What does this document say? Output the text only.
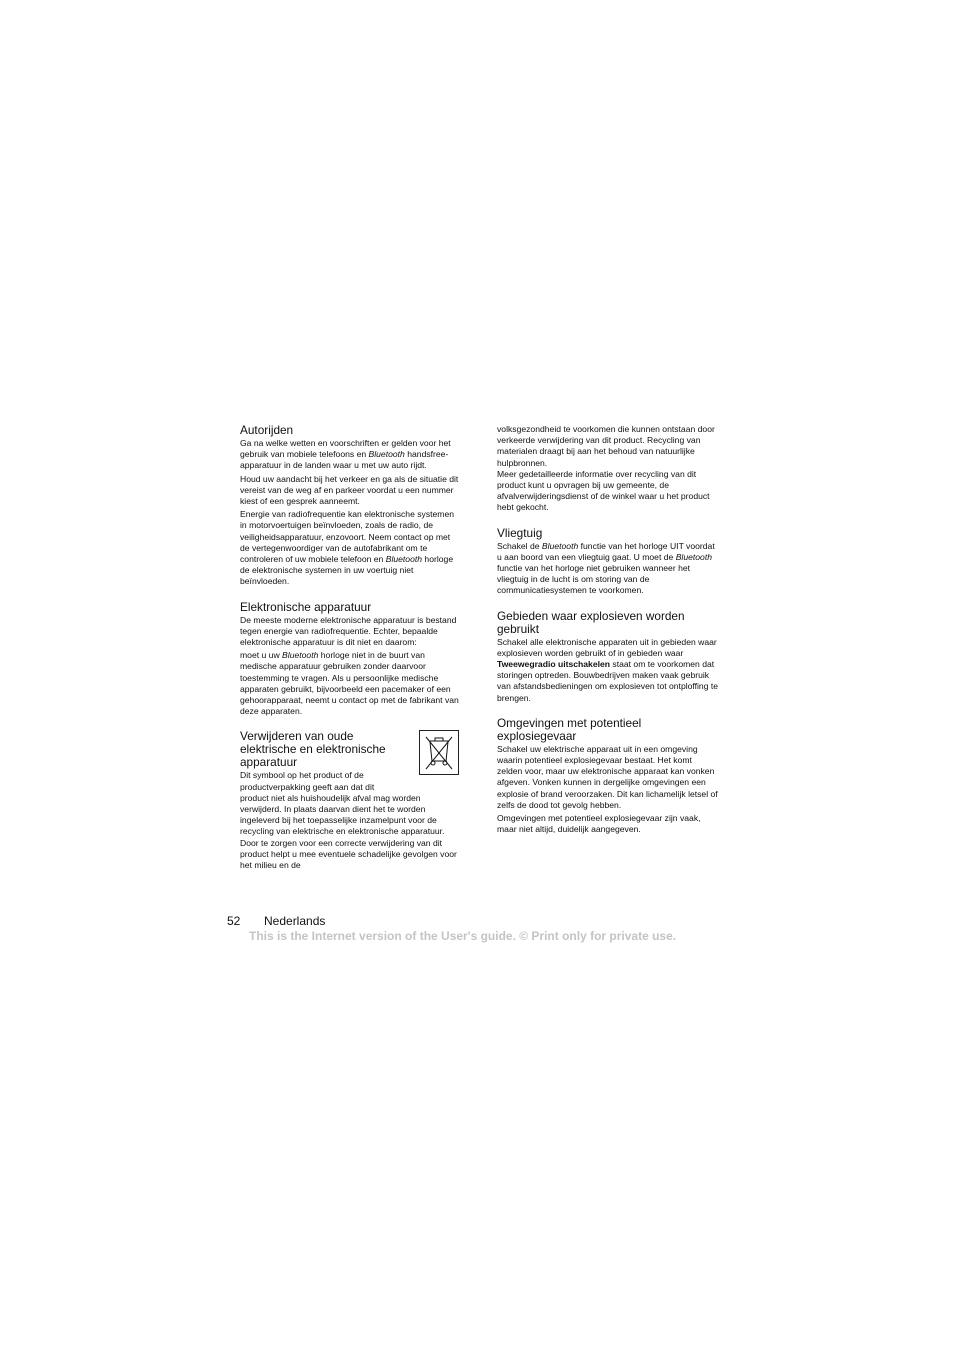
Autorijden

Ga na welke wetten en voorschriften er gelden voor het gebruik van mobiele telefoons en Bluetooth handsfree-apparatuur in de landen waar u met uw auto rijdt.

Houd uw aandacht bij het verkeer en ga als de situatie dit vereist van de weg af en parkeer voordat u een nummer kiest of een gesprek aanneemt.

Energie van radiofrequentie kan elektronische systemen in motorvoertuigen beïnvloeden, zoals de radio, de veiligheidsapparatuur, enzovoort. Neem contact op met de vertegenwoordiger van de autofabrikant om te controleren of uw mobiele telefoon en Bluetooth horloge de elektronische systemen in uw voertuig niet beïnvloeden.

Elektronische apparatuur

De meeste moderne elektronische apparatuur is bestand tegen energie van radiofrequentie. Echter, bepaalde elektronische apparatuur is dit niet en daarom:

moet u uw Bluetooth horloge niet in de buurt van medische apparatuur gebruiken zonder daarvoor toestemming te vragen. Als u persoonlijke medische apparaten gebruikt, bijvoorbeeld een pacemaker of een gehoorapparaat, neemt u contact op met de fabrikant van deze apparaten.

Verwijderen van oude elektrische en elektronische apparatuur

Dit symbool op het product of de productverpakking geeft aan dat dit

product niet als huishoudelijk afval mag worden verwijderd. In plaats daarvan dient het te worden ingeleverd bij het toepasselijke inzamelpunt voor de recycling van elektrische en elektronische apparatuur. Door te zorgen voor een correcte verwijdering van dit product helpt u mee eventuele schadelijke gevolgen voor het milieu en de

volksgezondheid te voorkomen die kunnen ontstaan door verkeerde verwijdering van dit product. Recycling van materialen draagt bij aan het behoud van natuurlijke hulpbronnen.

Meer gedetailleerde informatie over recycling van dit product kunt u opvragen bij uw gemeente, de afvalverwijderingsdienst of de winkel waar u het product hebt gekocht.

Vliegtuig

Schakel de Bluetooth functie van het horloge UIT voordat u aan boord van een vliegtuig gaat. U moet de Bluetooth functie van het horloge niet gebruiken wanneer het vliegtuig in de lucht is om storing van de communicatiesystemen te voorkomen.

Gebieden waar explosieven worden gebruikt

Schakel alle elektronische apparaten uit in gebieden waar explosieven worden gebruikt of in gebieden waar Tweewegradio uitschakelen staat om te voorkomen dat storingen optreden. Bouwbedrijven maken vaak gebruik van afstandsbedieningen om explosieven tot ontploffing te brengen.

Omgevingen met potentieel explosiegevaar

Schakel uw elektrische apparaat uit in een omgeving waarin potentieel explosiegevaar bestaat. Het komt zelden voor, maar uw elektronische apparaat kan vonken afgeven. Vonken kunnen in dergelijke omgevingen een explosie of brand veroorzaken. Dit kan lichamelijk letsel of zelfs de dood tot gevolg hebben.

Omgevingen met potentieel explosiegevaar zijn vaak, maar niet altijd, duidelijk aangegeven.

52 Nederlands
This is the Internet version of the User's guide. © Print only for private use.
